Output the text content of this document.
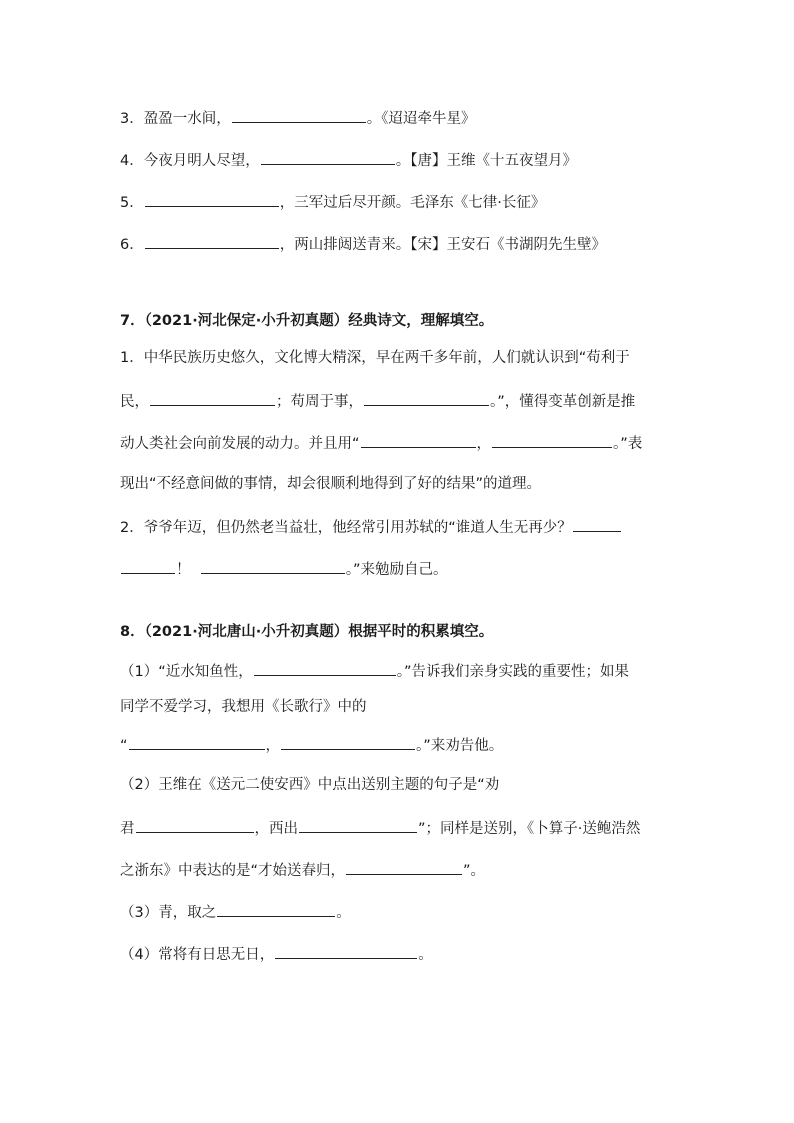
3．盈盈一水间，	。《迢迢牵牛星》
4．今夜月明人尽望，	。【唐】王维《十五夜望月》
5．	，三军过后尽开颜。毛泽东《七律·长征》
6．	，两山排闼送青来。【宋】王安石《书湖阴先生壁》
7．（2021·河北保定·小升初真题）经典诗文，理解填空。
1．中华民族历史悠久，文化博大精深，早在两千多年前，人们就认识到“苟利于
民，	；苟周于事，	。”，懂得变革创新是推
动人类社会向前发展的动力。并且用“	，	。”表
现出“不经意间做的事情，却会很顺利地得到了好的结果”的道理。
2．爷爷年迈，但仍然老当益壮，他经常引用苏轼的“谁道人生无再少？
！	。”来勉励自己。
8．（2021·河北唐山·小升初真题）根据平时的积累填空。
（1）“近水知鱼性，	。”告诉我们亲身实践的重要性；如果
同学不爱学习，我想用《长歌行》中的
“	，	。”来劝告他。
（2）王维在《送元二使安西》中点出送别主题的句子是“劝
君	，西出	”；同样是送别，《卜算子·送鲍浩然
之浙东》中表达的是“才始送春归，	”。
（3）青，取之	。
（4）常将有日思无日，	。
